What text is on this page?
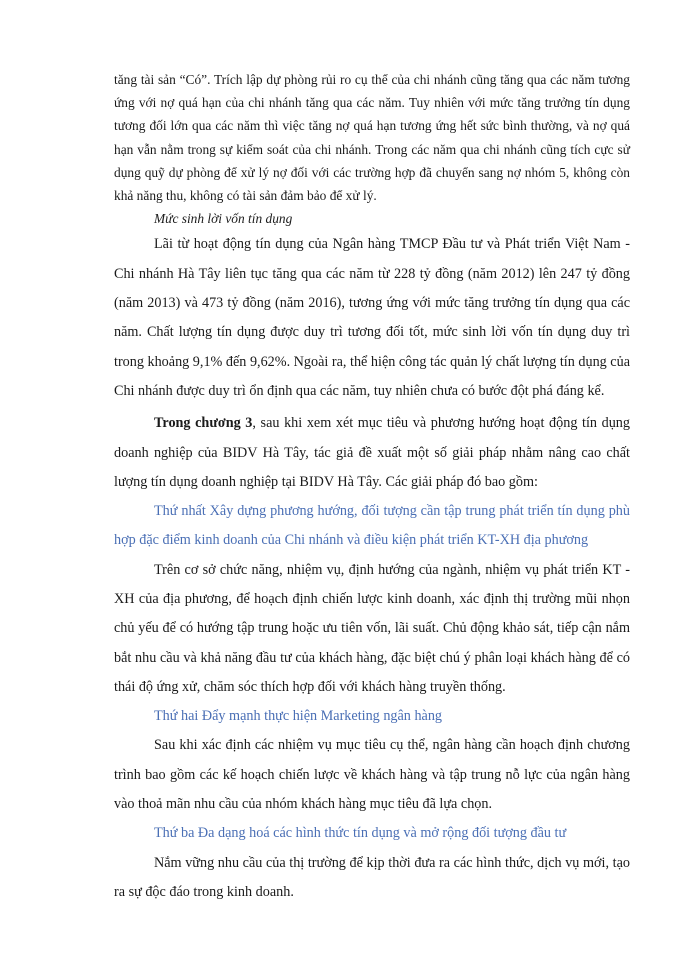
tăng tài sản “Có”. Trích lập dự phòng rủi ro cụ thể của chi nhánh cũng tăng qua các năm tương ứng với nợ quá hạn của chi nhánh tăng qua các năm. Tuy nhiên với mức tăng trưởng tín dụng tương đối lớn qua các năm thì việc tăng nợ quá hạn tương ứng hết sức bình thường, và nợ quá hạn vẫn nằm trong sự kiểm soát của chi nhánh. Trong các năm qua chi nhánh cũng tích cực sử dụng quỹ dự phòng để xử lý nợ đối với các trường hợp đã chuyển sang nợ nhóm 5, không còn khả năng thu, không có tài sản đảm bảo để xử lý.

Mức sinh lời vốn tín dụng

Lãi từ hoạt động tín dụng của Ngân hàng TMCP Đầu tư và Phát triển Việt Nam - Chi nhánh Hà Tây liên tục tăng qua các năm từ 228 tỷ đồng (năm 2012) lên 247 tỷ đồng (năm 2013) và 473 tỷ đồng (năm 2016), tương ứng với mức tăng trưởng tín dụng qua các năm. Chất lượng tín dụng được duy trì tương đối tốt, mức sinh lời vốn tín dụng duy trì trong khoảng 9,1% đến 9,62%. Ngoài ra, thể hiện công tác quản lý chất lượng tín dụng của Chi nhánh được duy trì ổn định qua các năm, tuy nhiên chưa có bước đột phá đáng kể.

Trong chương 3, sau khi xem xét mục tiêu và phương hướng hoạt động tín dụng doanh nghiệp của BIDV Hà Tây, tác giả đề xuất một số giải pháp nhằm nâng cao chất lượng tín dụng doanh nghiệp tại BIDV Hà Tây. Các giải pháp đó bao gồm:

Thứ nhất Xây dựng phương hướng, đối tượng cần tập trung phát triển tín dụng phù hợp đặc điểm kinh doanh của Chi nhánh và điều kiện phát triển KT-XH địa phương

Trên cơ sở chức năng, nhiệm vụ, định hướng của ngành, nhiệm vụ phát triển KT - XH của địa phương, để hoạch định chiến lược kinh doanh, xác định thị trường mũi nhọn chủ yếu để có hướng tập trung hoặc ưu tiên vốn, lãi suất. Chủ động khảo sát, tiếp cận nắm bắt nhu cầu và khả năng đầu tư của khách hàng, đặc biệt chú ý phân loại khách hàng để có thái độ ứng xử, chăm sóc thích hợp đối với khách hàng truyền thống.

Thứ hai Đẩy mạnh thực hiện Marketing ngân hàng

Sau khi xác định các nhiệm vụ mục tiêu cụ thể, ngân hàng cần hoạch định chương trình bao gồm các kế hoạch chiến lược về khách hàng và tập trung nỗ lực của ngân hàng vào thoả mãn nhu cầu của nhóm khách hàng mục tiêu đã lựa chọn.

Thứ ba Đa dạng hoá các hình thức tín dụng và mở rộng đối tượng đầu tư

Nắm vững nhu cầu của thị trường để kịp thời đưa ra các hình thức, dịch vụ mới, tạo ra sự độc đáo trong kinh doanh.
